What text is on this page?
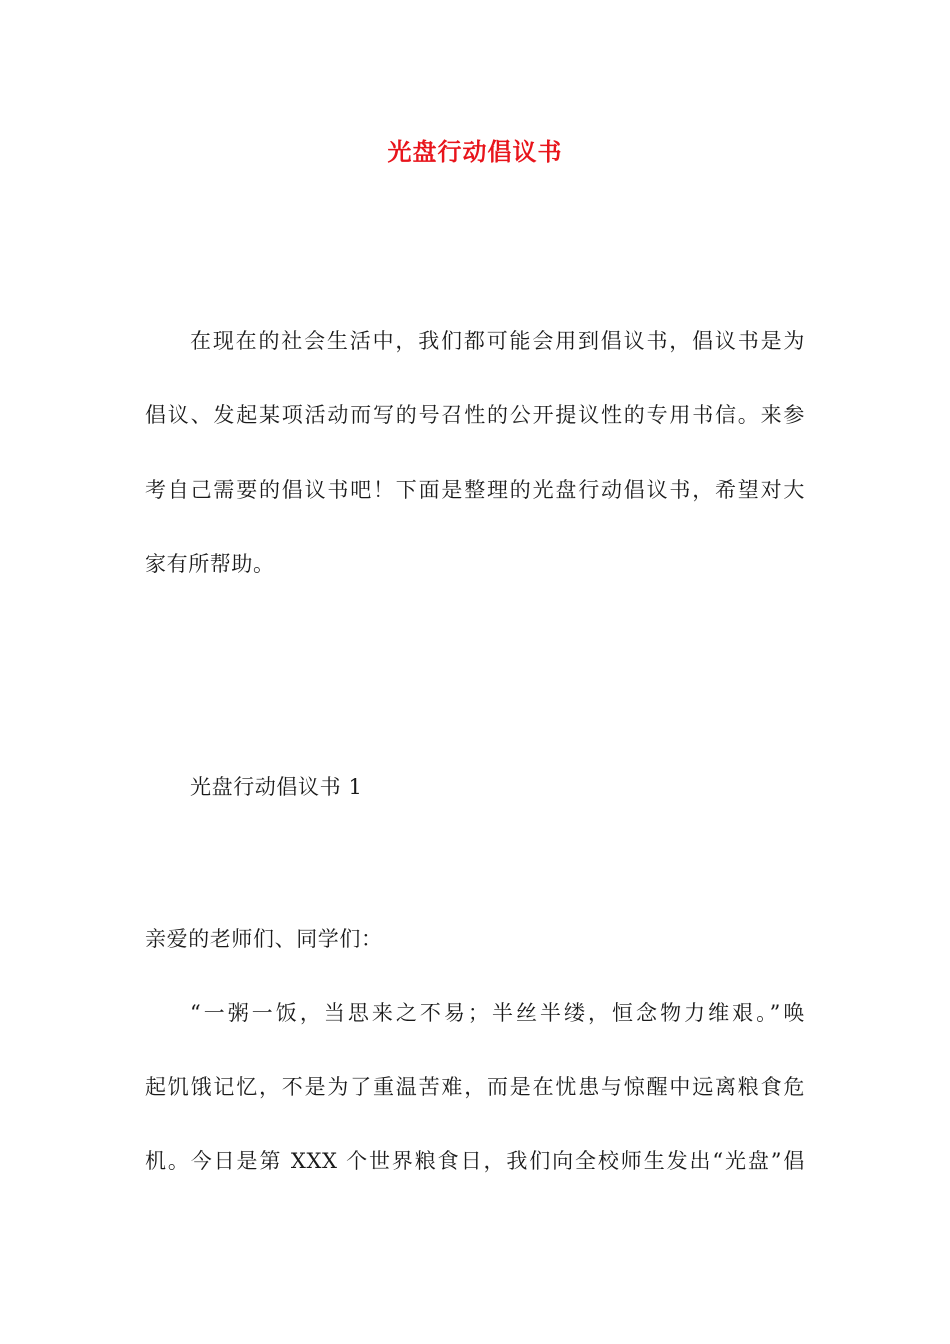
光盘行动倡议书
在现在的社会生活中，我们都可能会用到倡议书，倡议书是为
倡议、发起某项活动而写的号召性的公开提议性的专用书信。来参
考自己需要的倡议书吧！下面是整理的光盘行动倡议书，希望对大
家有所帮助。
光盘行动倡议书 1
亲爱的老师们、同学们：
“一粥一饭，当思来之不易；半丝半缕，恒念物力维艰。”唤
起饥饿记忆，不是为了重温苦难，而是在忧患与惊醒中远离粮食危
机。今日是第 XXX 个世界粮食日，我们向全校师生发出“光盘”倡
